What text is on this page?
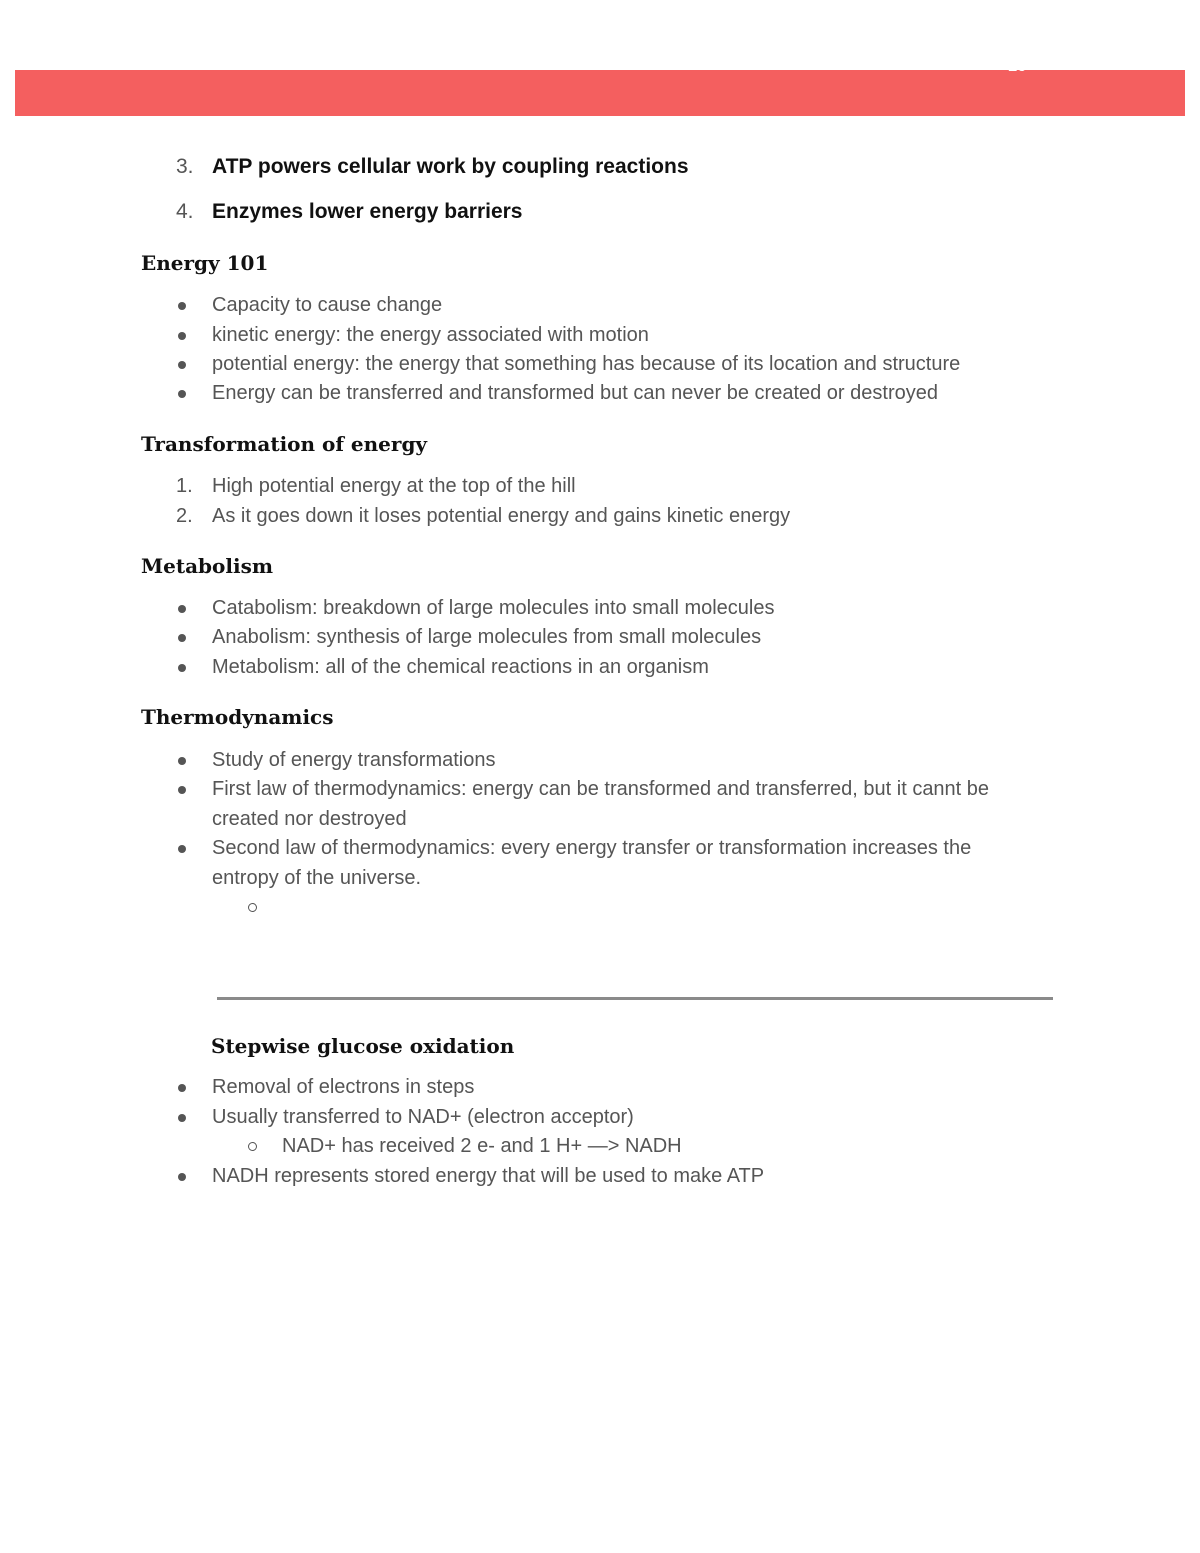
29
3. ATP powers cellular work by coupling reactions
4. Enzymes lower energy barriers
Energy 101
Capacity to cause change
kinetic energy: the energy associated with motion
potential energy: the energy that something has because of its location and structure
Energy can be transferred and transformed but can never be created or destroyed
Transformation of energy
1. High potential energy at the top of the hill
2. As it goes down it loses potential energy and gains kinetic energy
Metabolism
Catabolism: breakdown of large molecules into small molecules
Anabolism: synthesis of large molecules from small molecules
Metabolism: all of the chemical reactions in an organism
Thermodynamics
Study of energy transformations
First law of thermodynamics: energy can be transformed and transferred, but it cannt be created nor destroyed
Second law of thermodynamics: every energy transfer or transformation increases the entropy of the universe.
Stepwise glucose oxidation
Removal of electrons in steps
Usually transferred to NAD+ (electron acceptor)
NAD+ has received 2 e- and 1 H+ —> NADH
NADH represents stored energy that will be used to make ATP
